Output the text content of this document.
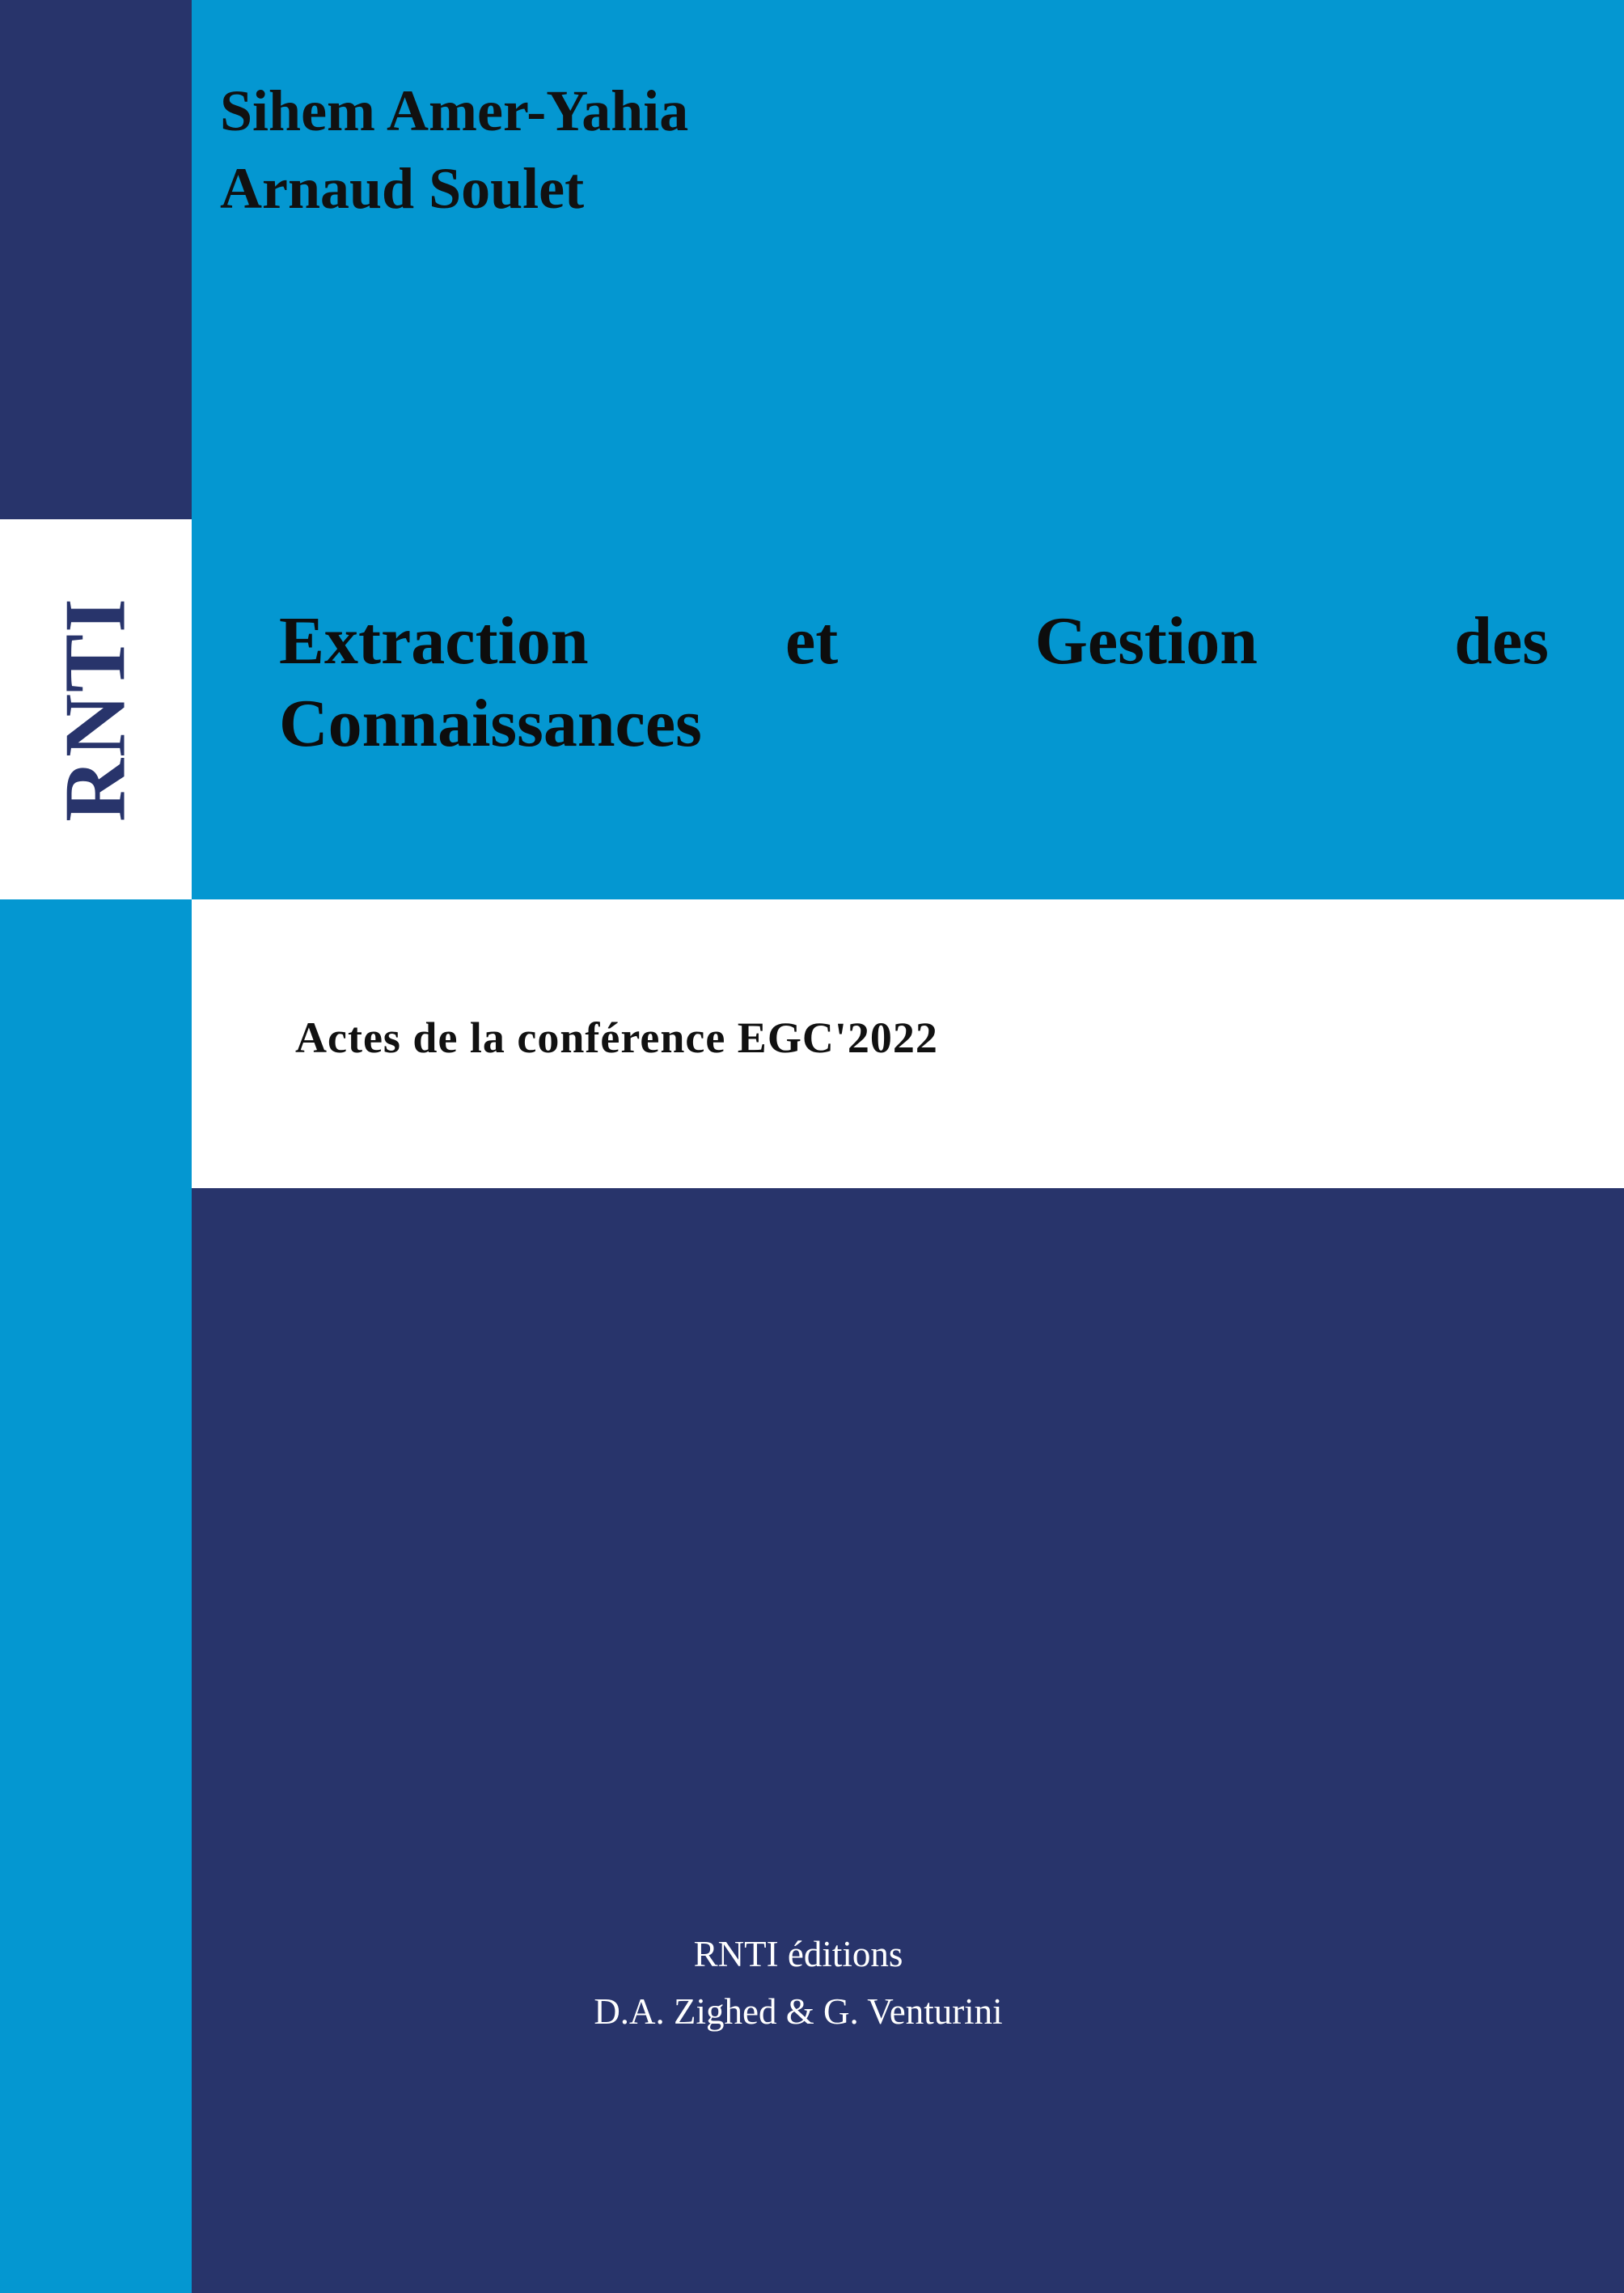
RNTI
Sihem Amer-Yahia
Arnaud Soulet
Extraction	et	Gestion	des
Connaissances
Actes de la conférence EGC'2022
RNTI éditions
D.A. Zighed & G. Venturini
